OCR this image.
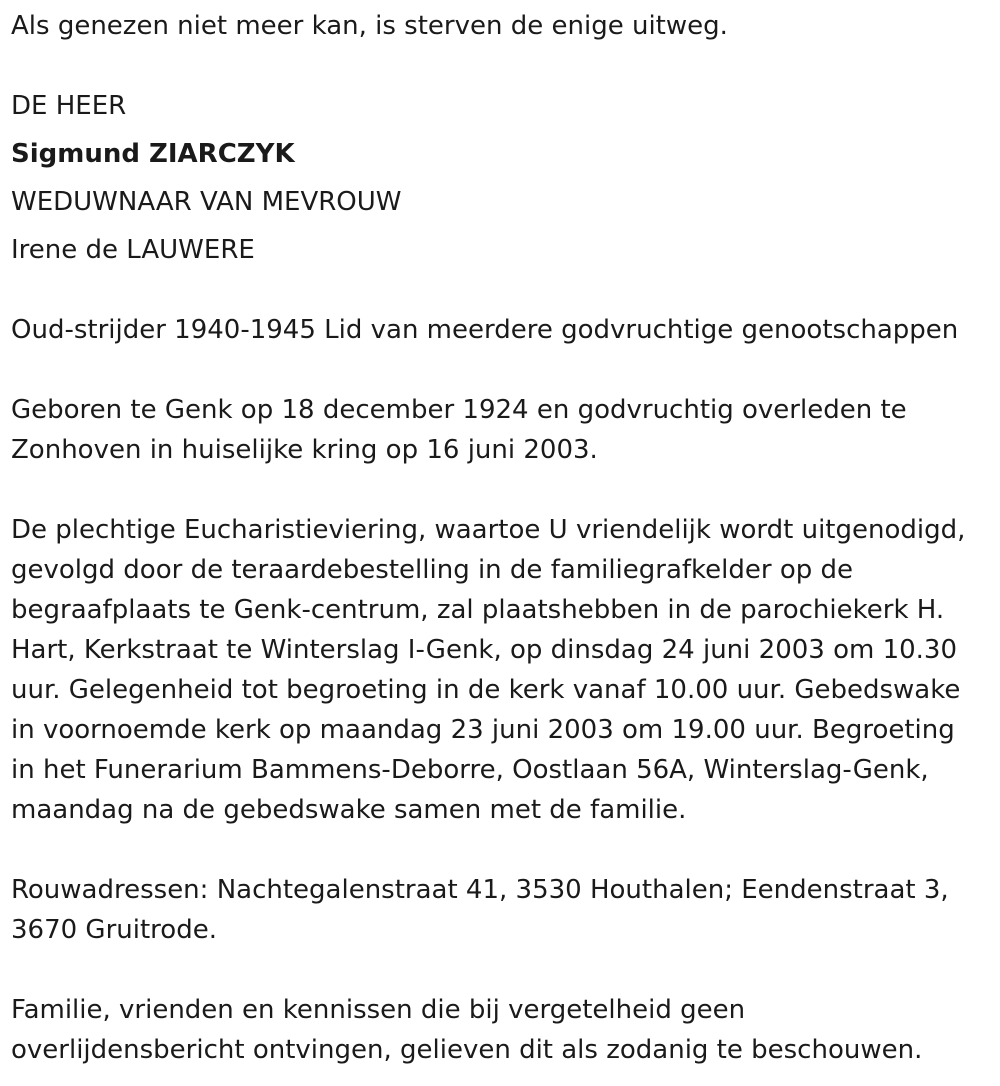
Als genezen niet meer kan, is sterven de enige uitweg.

DE HEER

Sigmund ZIARCZYK

WEDUWNAAR VAN MEVROUW

Irene de LAUWERE

Oud-strijder 1940-1945 Lid van meerdere godvruchtige genootschappen

Geboren te Genk op 18 december 1924 en godvruchtig overleden te
Zonhoven in huiselijke kring op 16 juni 2003.
De plechtige Eucharistieviering, waartoe U vriendelijk wordt uitgenodigd,
gevolgd door de teraardebestelling in de familiegrafkelder op de
begraafplaats te Genk-centrum, zal plaatshebben in de parochiekerk H.
Hart, Kerkstraat te Winterslag I-Genk, op dinsdag 24 juni 2003 om 10.30
uur. Gelegenheid tot begroeting in de kerk vanaf 10.00 uur. Gebedswake
in voornoemde kerk op maandag 23 juni 2003 om 19.00 uur. Begroeting
in het Funerarium Bammens-Deborre, Oostlaan 56A, Winterslag-Genk,
maandag na de gebedswake samen met de familie.
Rouwadressen: Nachtegalenstraat 41, 3530 Houthalen; Eendenstraat 3,
3670 Gruitrode.
Familie, vrienden en kennissen die bij vergetelheid geen
overlijdensbericht ontvingen, gelieven dit als zodanig te beschouwen.
